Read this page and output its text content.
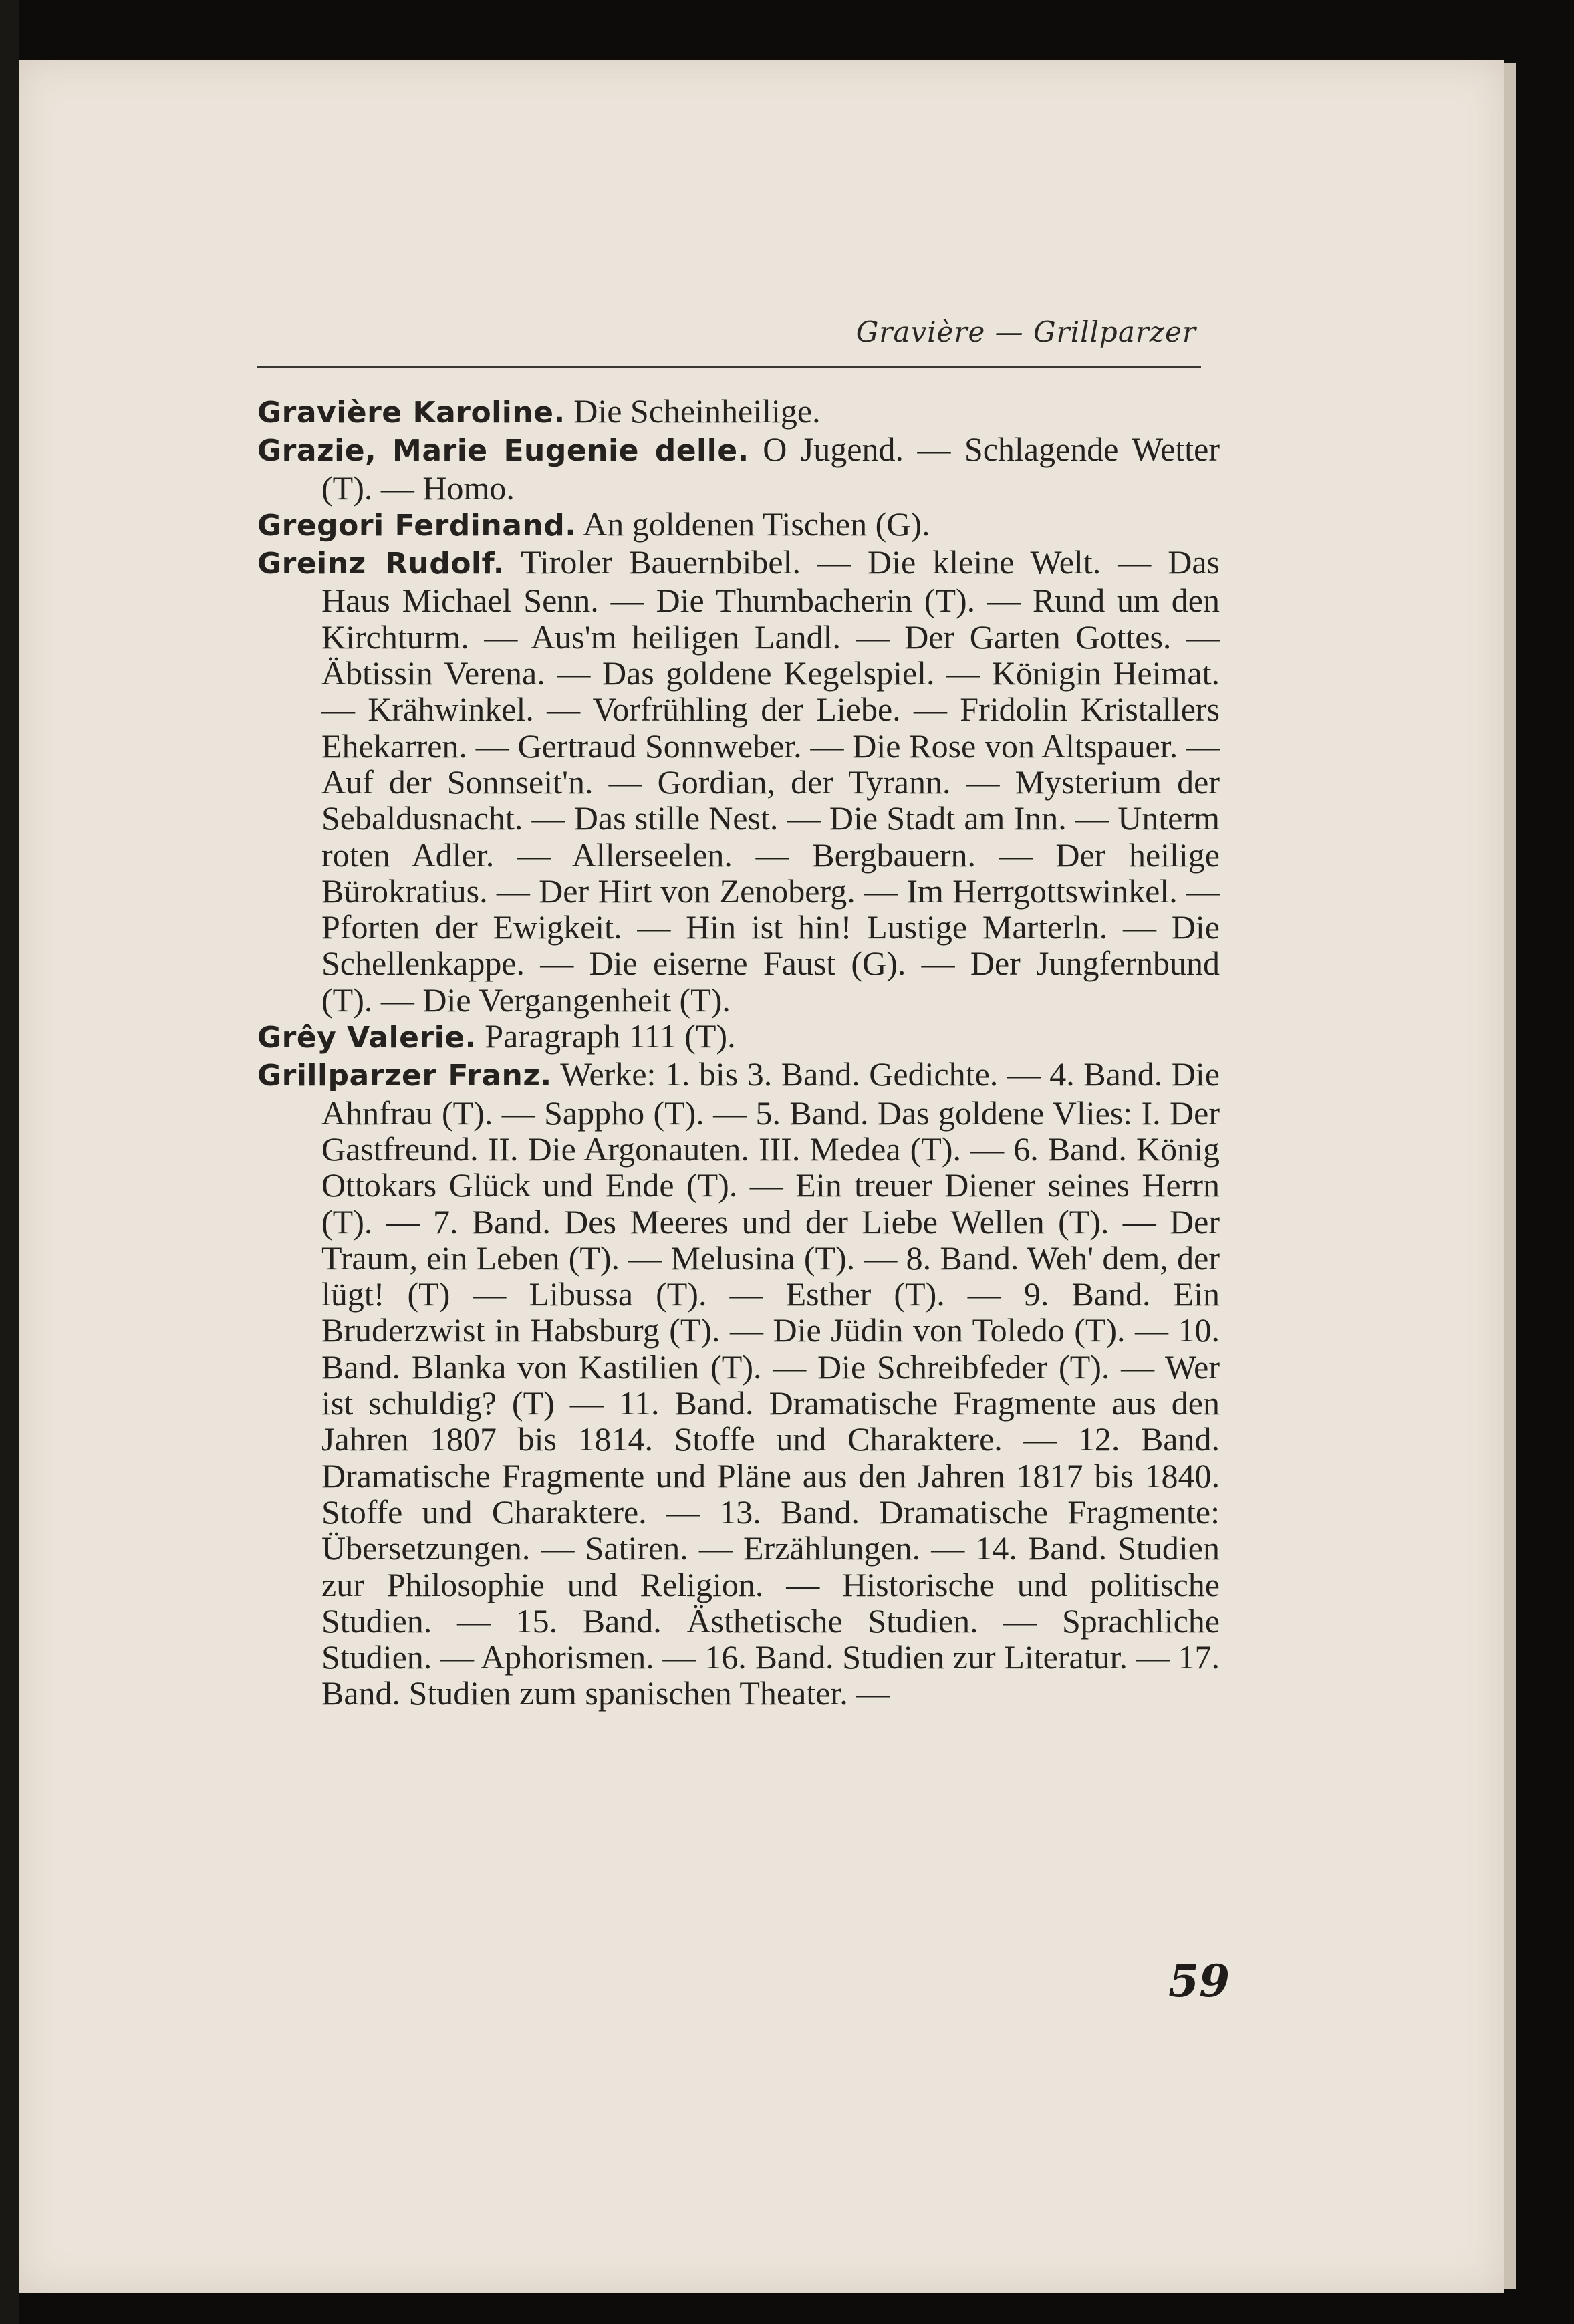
Gravière — Grillparzer

Gravière Karoline. Die Scheinheilige.

Grazie, Marie Eugenie delle. O Jugend. — Schlagende Wetter (T). — Homo.

Gregori Ferdinand. An goldenen Tischen (G).

Greinz Rudolf. Tiroler Bauernbibel. — Die kleine Welt. — Das Haus Michael Senn. — Die Thurnbacherin (T). — Rund um den Kirchturm. — Aus'm heiligen Landl. — Der Garten Gottes. — Äbtissin Verena. — Das goldene Kegelspiel. — Königin Heimat. — Krähwinkel. — Vorfrühling der Liebe. — Fridolin Kristallers Ehekarren. — Gertraud Sonnweber. — Die Rose von Altspauer. — Auf der Sonnseit'n. — Gordian, der Tyrann. — Mysterium der Sebaldusnacht. — Das stille Nest. — Die Stadt am Inn. — Unterm roten Adler. — Allerseelen. — Bergbauern. — Der heilige Bürokratius. — Der Hirt von Zenoberg. — Im Herrgottswinkel. — Pforten der Ewigkeit. — Hin ist hin! Lustige Marterln. — Die Schellenkappe. — Die eiserne Faust (G). — Der Jungfernbund (T). — Die Vergangenheit (T).

Grêy Valerie. Paragraph 111 (T).

Grillparzer Franz. Werke: 1. bis 3. Band. Gedichte. — 4. Band. Die Ahnfrau (T). — Sappho (T). — 5. Band. Das goldene Vlies: I. Der Gastfreund. II. Die Argonauten. III. Medea (T). — 6. Band. König Ottokars Glück und Ende (T). — Ein treuer Diener seines Herrn (T). — 7. Band. Des Meeres und der Liebe Wellen (T). — Der Traum, ein Leben (T). — Melusina (T). — 8. Band. Weh' dem, der lügt! (T) — Libussa (T). — Esther (T). — 9. Band. Ein Bruderzwist in Habsburg (T). — Die Jüdin von Toledo (T). — 10. Band. Blanka von Kastilien (T). — Die Schreibfeder (T). — Wer ist schuldig? (T) — 11. Band. Dramatische Fragmente aus den Jahren 1807 bis 1814. Stoffe und Charaktere. — 12. Band. Dramatische Fragmente und Pläne aus den Jahren 1817 bis 1840. Stoffe und Charaktere. — 13. Band. Dramatische Fragmente: Übersetzungen. — Satiren. — Erzählungen. — 14. Band. Studien zur Philosophie und Religion. — Historische und politische Studien. — 15. Band. Ästhetische Studien. — Sprachliche Studien. — Aphorismen. — 16. Band. Studien zur Literatur. — 17. Band. Studien zum spanischen Theater. —

59
